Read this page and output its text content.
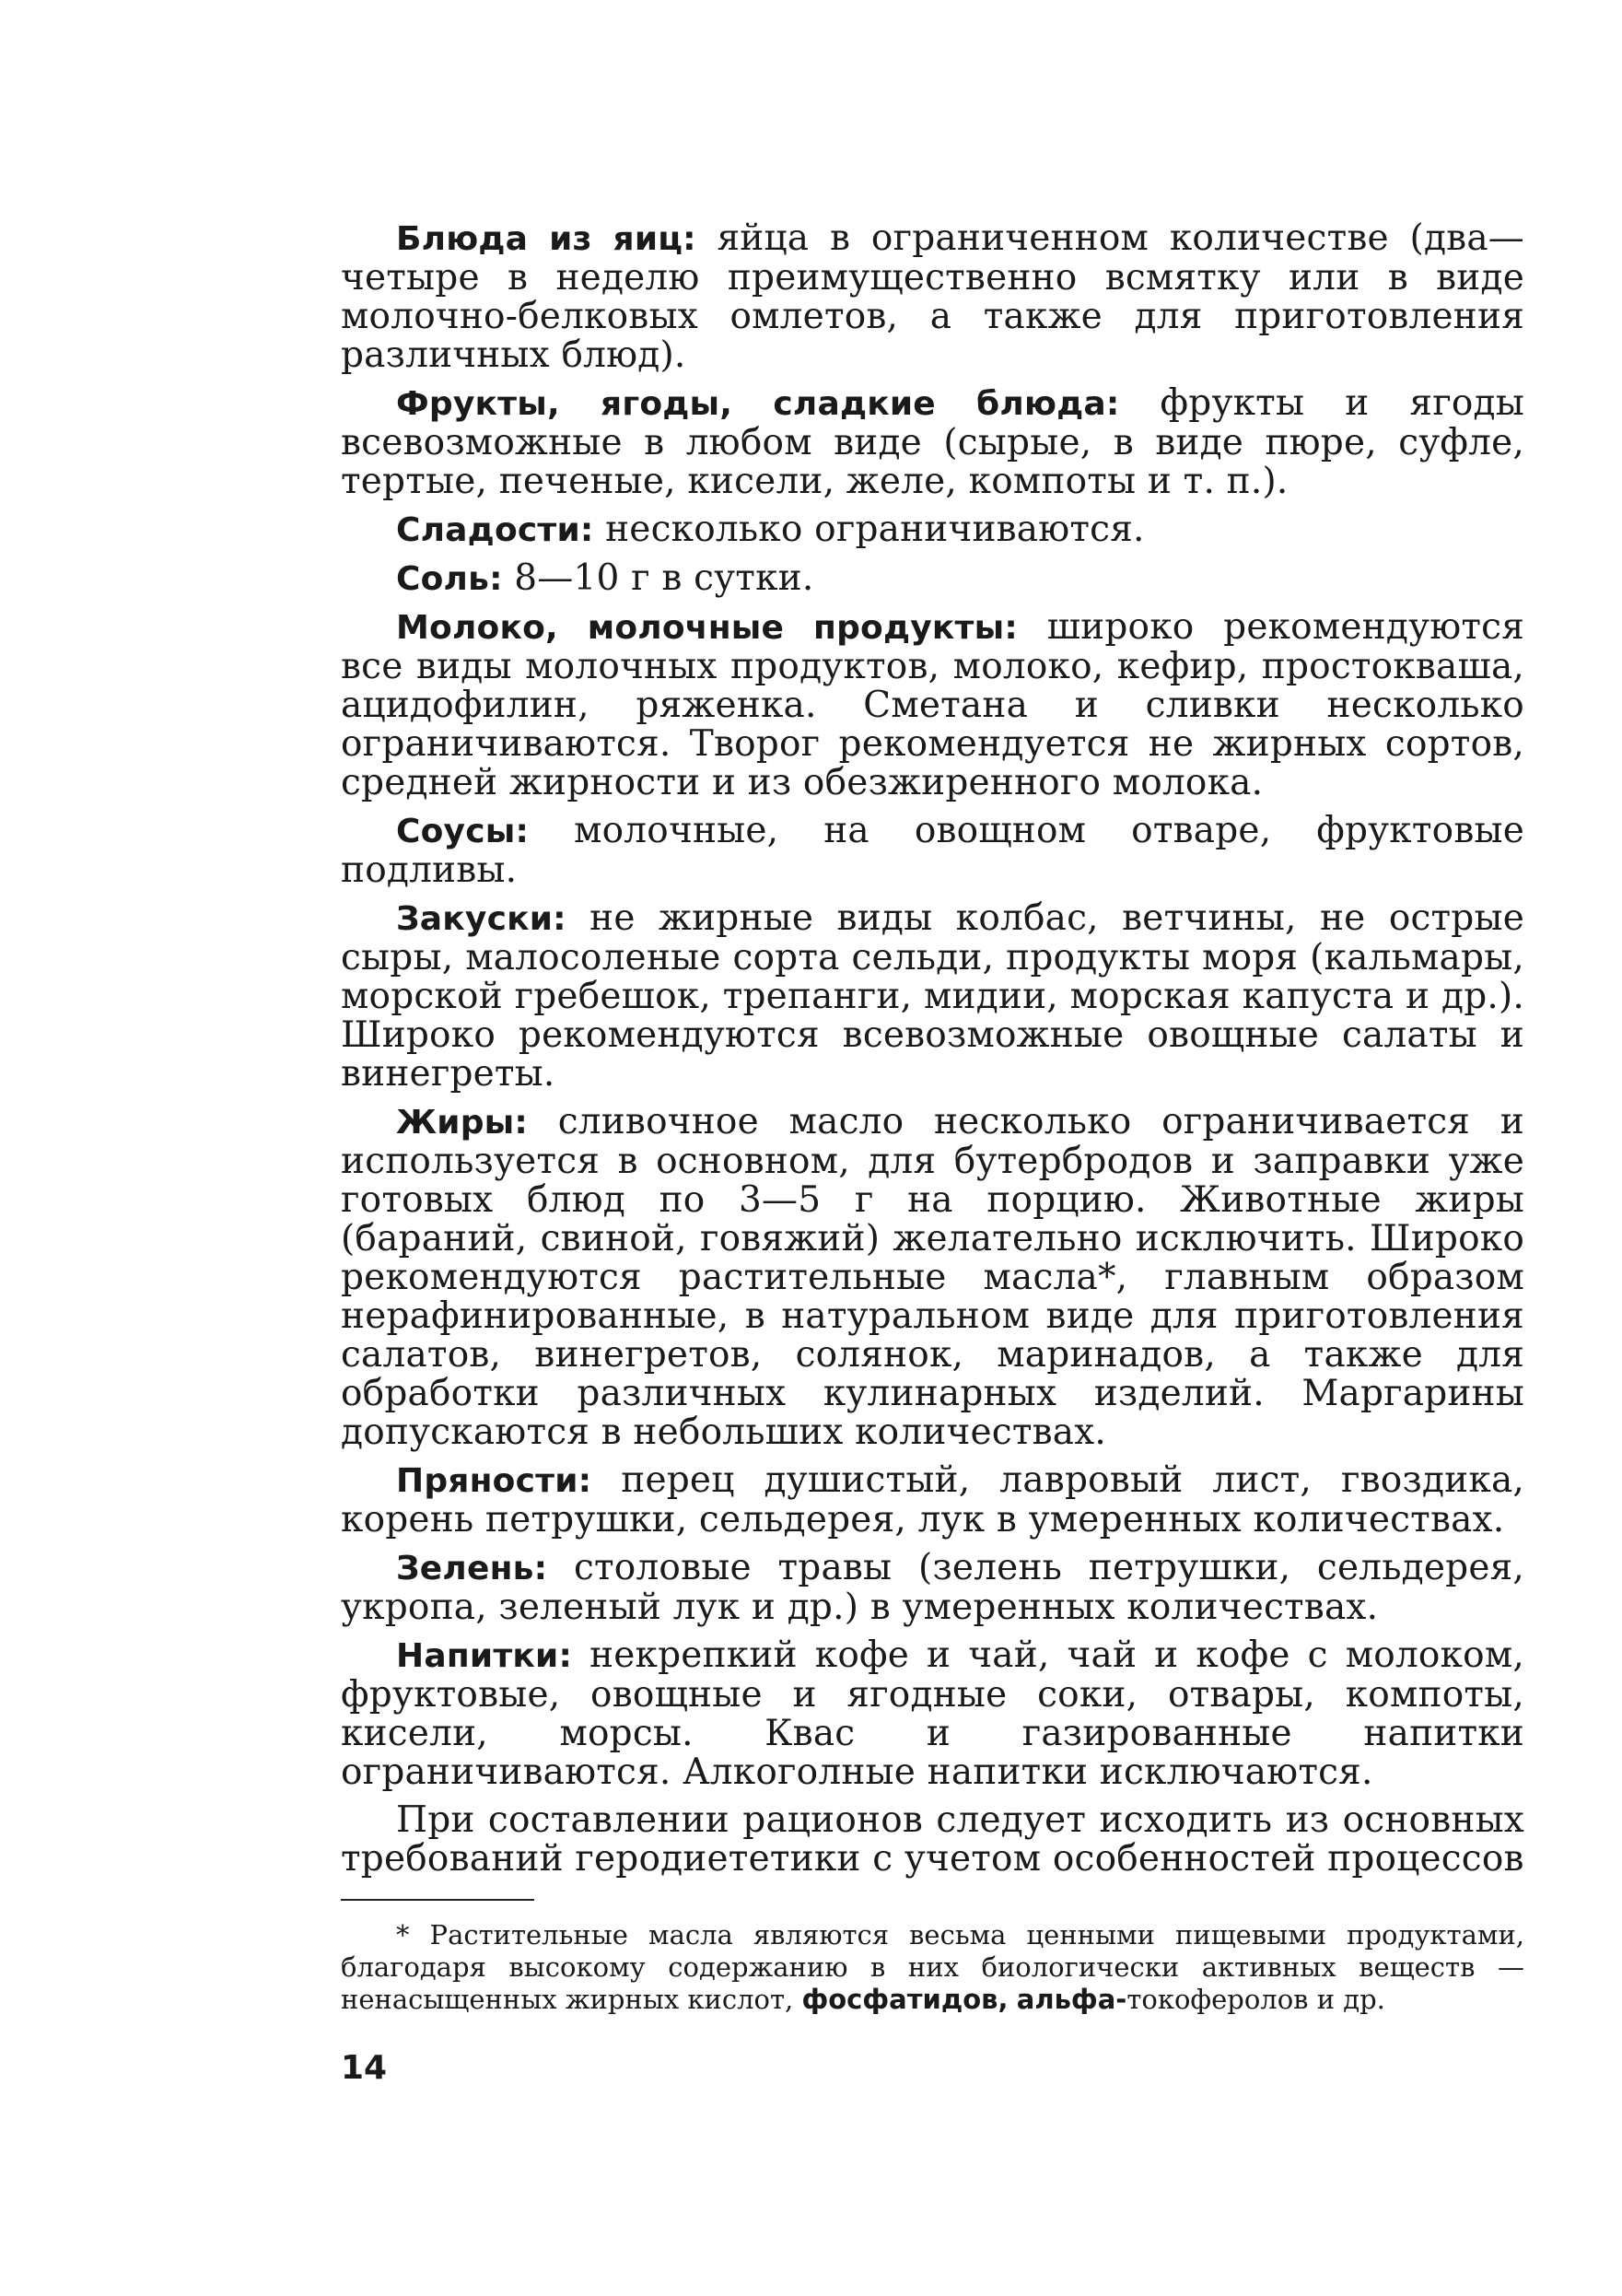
Блюда из яиц: яйца в ограниченном количестве (два—четыре в неделю преимущественно всмятку или в виде молочно-белковых омлетов, а также для приготовления различных блюд).

Фрукты, ягоды, сладкие блюда: фрукты и ягоды всевозможные в любом виде (сырые, в виде пюре, суфле, тертые, печеные, кисели, желе, компоты и т. п.).

Сладости: несколько ограничиваются.

Соль: 8—10 г в сутки.

Молоко, молочные продукты: широко рекомендуются все виды молочных продуктов, молоко, кефир, простокваша, ацидофилин, ряженка. Сметана и сливки несколько ограничиваются. Творог рекомендуется не жирных сортов, средней жирности и из обезжиренного молока.

Соусы: молочные, на овощном отваре, фруктовые подливы.

Закуски: не жирные виды колбас, ветчины, не острые сыры, малосоленые сорта сельди, продукты моря (кальмары, морской гребешок, трепанги, мидии, морская капуста и др.). Широко рекомендуются всевозможные овощные салаты и винегреты.

Жиры: сливочное масло несколько ограничивается и используется в основном, для бутербродов и заправки уже готовых блюд по 3—5 г на порцию. Животные жиры (бараний, свиной, говяжий) желательно исключить. Широко рекомендуются растительные масла*, главным образом нерафинированные, в натуральном виде для приготовления салатов, винегретов, солянок, маринадов, а также для обработки различных кулинарных изделий. Маргарины допускаются в небольших количествах.

Пряности: перец душистый, лавровый лист, гвоздика, корень петрушки, сельдерея, лук в умеренных количествах.

Зелень: столовые травы (зелень петрушки, сельдерея, укропа, зеленый лук и др.) в умеренных количествах.

Напитки: некрепкий кофе и чай, чай и кофе с молоком, фруктовые, овощные и ягодные соки, отвары, компоты, кисели, морсы. Квас и газированные напитки ограничиваются. Алкоголные напитки исключаются.

При составлении рационов следует исходить из основных требований геродиететики с учетом особенностей процессов

* Растительные масла являются весьма ценными пищевыми продуктами, благодаря высокому содержанию в них биологически активных веществ — ненасыщенных жирных кислот, фосфатидов, альфа-токоферолов и др.

14
